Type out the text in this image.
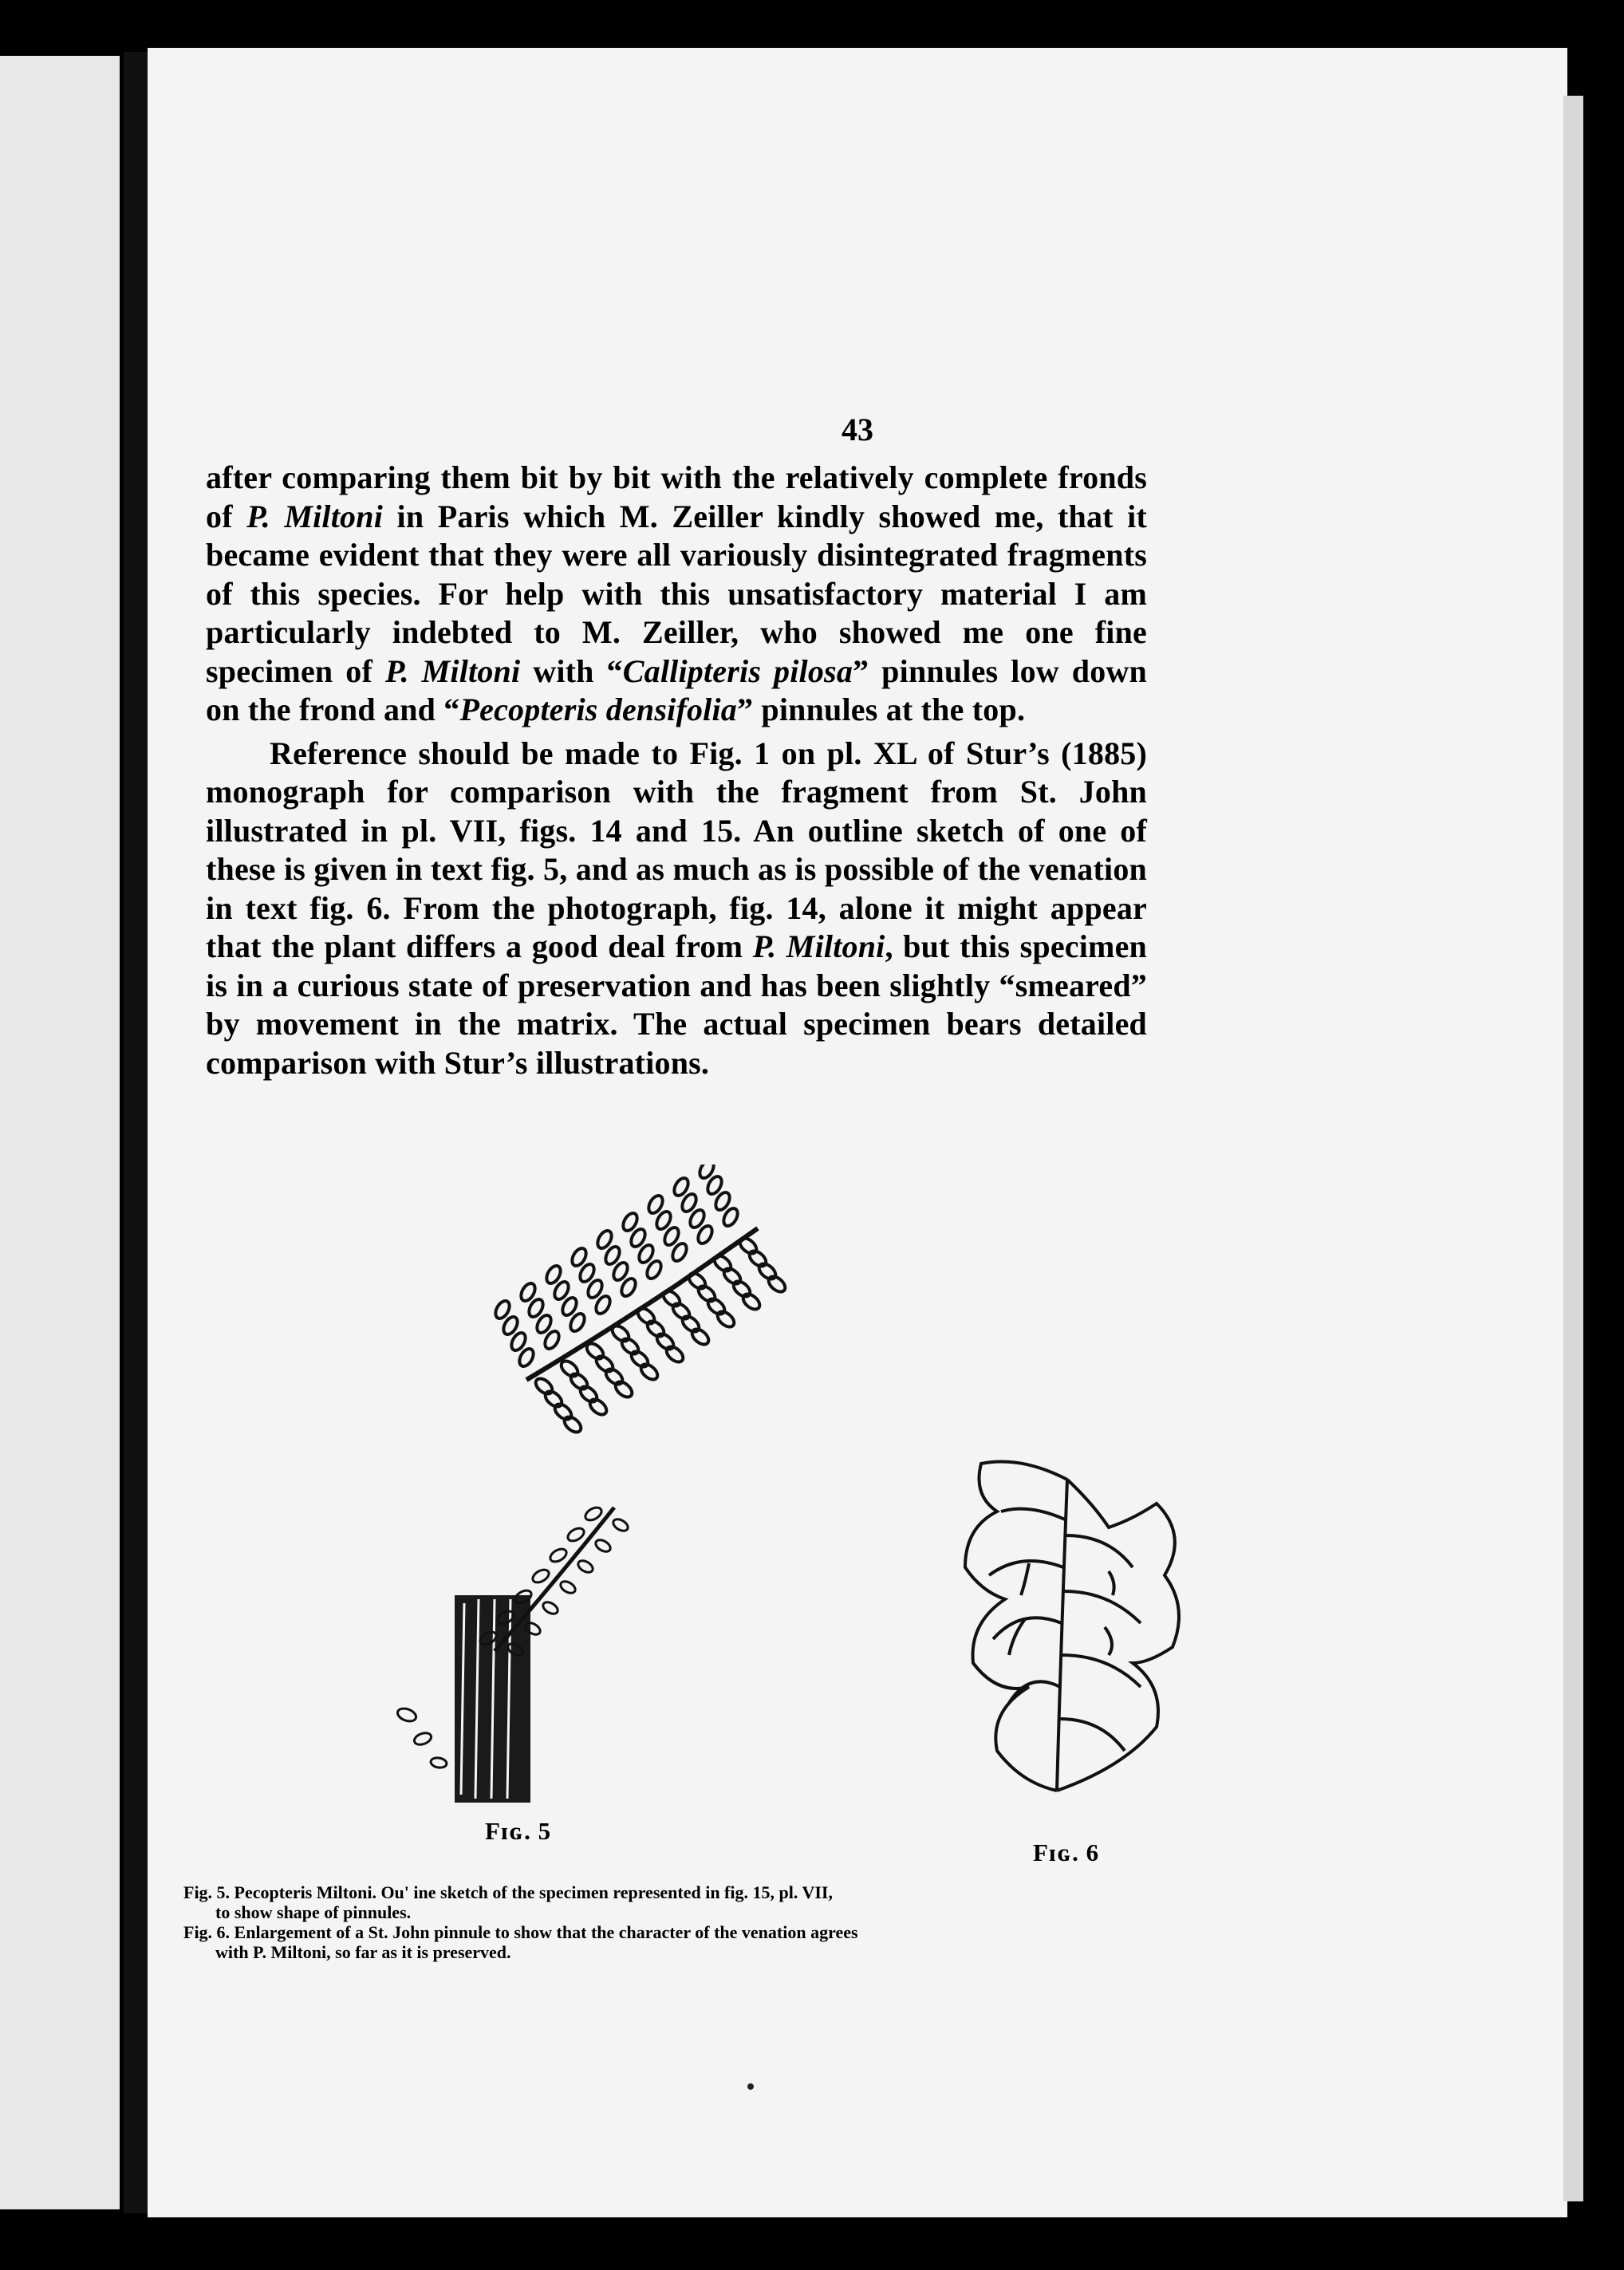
43

after comparing them bit by bit with the relatively complete fronds of P. Miltoni in Paris which M. Zeiller kindly showed me, that it became evident that they were all variously disintegrated fragments of this species. For help with this unsatisfactory material I am particularly indebted to M. Zeiller, who showed me one fine specimen of P. Miltoni with “Callipteris pilosa” pinnules low down on the frond and “Pecopteris densifolia” pinnules at the top.

Reference should be made to Fig. 1 on pl. XL of Stur’s (1885) monograph for comparison with the fragment from St. John illustrated in pl. VII, figs. 14 and 15. An outline sketch of one of these is given in text fig. 5, and as much as is possible of the venation in text fig. 6. From the photograph, fig. 14, alone it might appear that the plant differs a good deal from P. Miltoni, but this specimen is in a curious state of preservation and has been slightly “smeared” by movement in the matrix. The actual specimen bears detailed comparison with Stur’s illustrations.

Fɪɢ. 5
Fɪɢ. 6
Fig. 5. Pecopteris Miltoni. Ou' ine sketch of the specimen represented in fig. 15, pl. VII,
to show shape of pinnules.
Fig. 6. Enlargement of a St. John pinnule to show that the character of the venation agrees
with P. Miltoni, so far as it is preserved.
